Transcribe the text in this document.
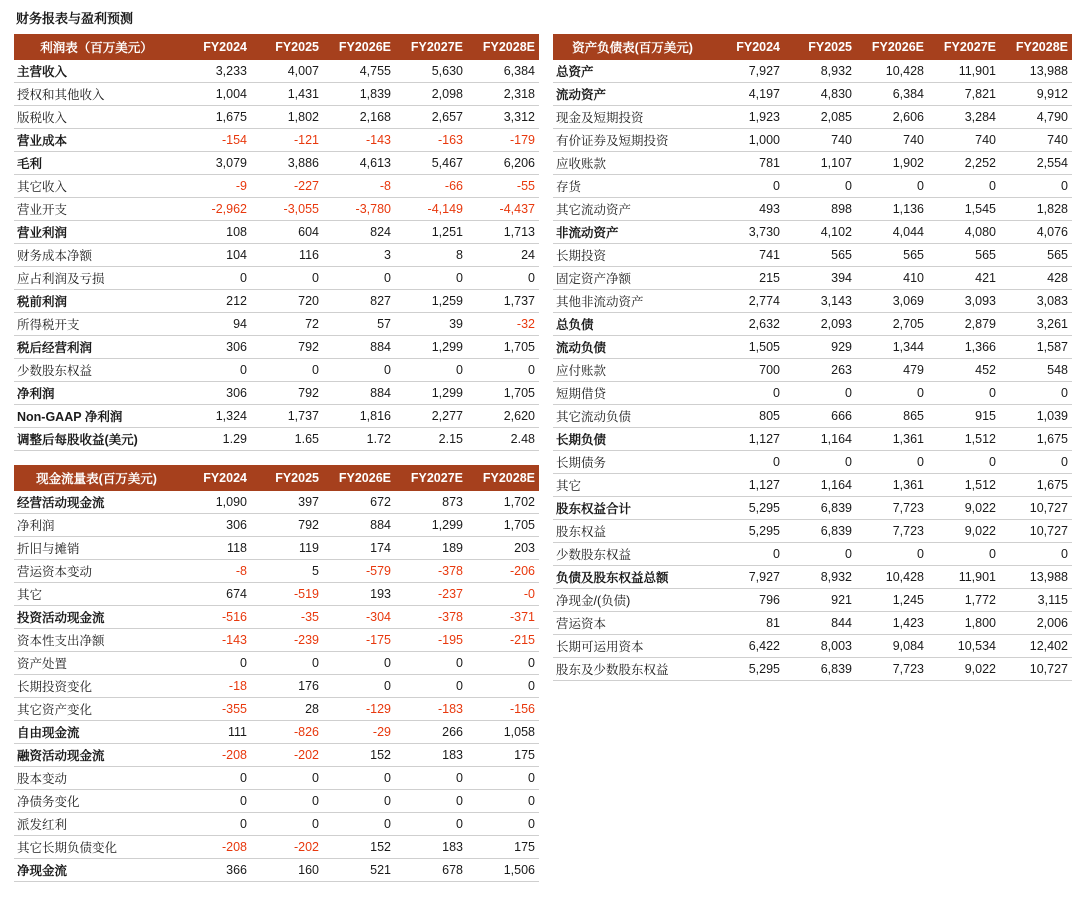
财务报表与盈利预测
利润表（百万美元）	FY2024	FY2025	FY2026E	FY2027E	FY2028E
主营收入	3,233	4,007	4,755	5,630	6,384
授权和其他收入	1,004	1,431	1,839	2,098	2,318
版税收入	1,675	1,802	2,168	2,657	3,312
营业成本	-154	-121	-143	-163	-179
毛利	3,079	3,886	4,613	5,467	6,206
其它收入	-9	-227	-8	-66	-55
营业开支	-2,962	-3,055	-3,780	-4,149	-4,437
营业利润	108	604	824	1,251	1,713
财务成本净额	104	116	3	8	24
应占利润及亏损	0	0	0	0	0
税前利润	212	720	827	1,259	1,737
所得税开支	94	72	57	39	-32
税后经营利润	306	792	884	1,299	1,705
少数股东权益	0	0	0	0	0
净利润	306	792	884	1,299	1,705
Non-GAAP 净利润	1,324	1,737	1,816	2,277	2,620
调整后每股收益(美元)	1.29	1.65	1.72	2.15	2.48
现金流量表(百万美元)	FY2024	FY2025	FY2026E	FY2027E	FY2028E
经营活动现金流	1,090	397	672	873	1,702
净利润	306	792	884	1,299	1,705
折旧与摊销	118	119	174	189	203
营运资本变动	-8	5	-579	-378	-206
其它	674	-519	193	-237	-0
投资活动现金流	-516	-35	-304	-378	-371
资本性支出净额	-143	-239	-175	-195	-215
资产处置	0	0	0	0	0
长期投资变化	-18	176	0	0	0
其它资产变化	-355	28	-129	-183	-156
自由现金流	111	-826	-29	266	1,058
融资活动现金流	-208	-202	152	183	175
股本变动	0	0	0	0	0
净债务变化	0	0	0	0	0
派发红利	0	0	0	0	0
其它长期负债变化	-208	-202	152	183	175
净现金流	366	160	521	678	1,506
资产负债表(百万美元)	FY2024	FY2025	FY2026E	FY2027E	FY2028E
总资产	7,927	8,932	10,428	11,901	13,988
流动资产	4,197	4,830	6,384	7,821	9,912
现金及短期投资	1,923	2,085	2,606	3,284	4,790
有价证券及短期投资	1,000	740	740	740	740
应收账款	781	1,107	1,902	2,252	2,554
存货	0	0	0	0	0
其它流动资产	493	898	1,136	1,545	1,828
非流动资产	3,730	4,102	4,044	4,080	4,076
长期投资	741	565	565	565	565
固定资产净额	215	394	410	421	428
其他非流动资产	2,774	3,143	3,069	3,093	3,083
总负债	2,632	2,093	2,705	2,879	3,261
流动负债	1,505	929	1,344	1,366	1,587
应付账款	700	263	479	452	548
短期借贷	0	0	0	0	0
其它流动负债	805	666	865	915	1,039
长期负债	1,127	1,164	1,361	1,512	1,675
长期债务	0	0	0	0	0
其它	1,127	1,164	1,361	1,512	1,675
股东权益合计	5,295	6,839	7,723	9,022	10,727
股东权益	5,295	6,839	7,723	9,022	10,727
少数股东权益	0	0	0	0	0
负债及股东权益总额	7,927	8,932	10,428	11,901	13,988
净现金/(负债)	796	921	1,245	1,772	3,115
营运资本	81	844	1,423	1,800	2,006
长期可运用资本	6,422	8,003	9,084	10,534	12,402
股东及少数股东权益	5,295	6,839	7,723	9,022	10,727
